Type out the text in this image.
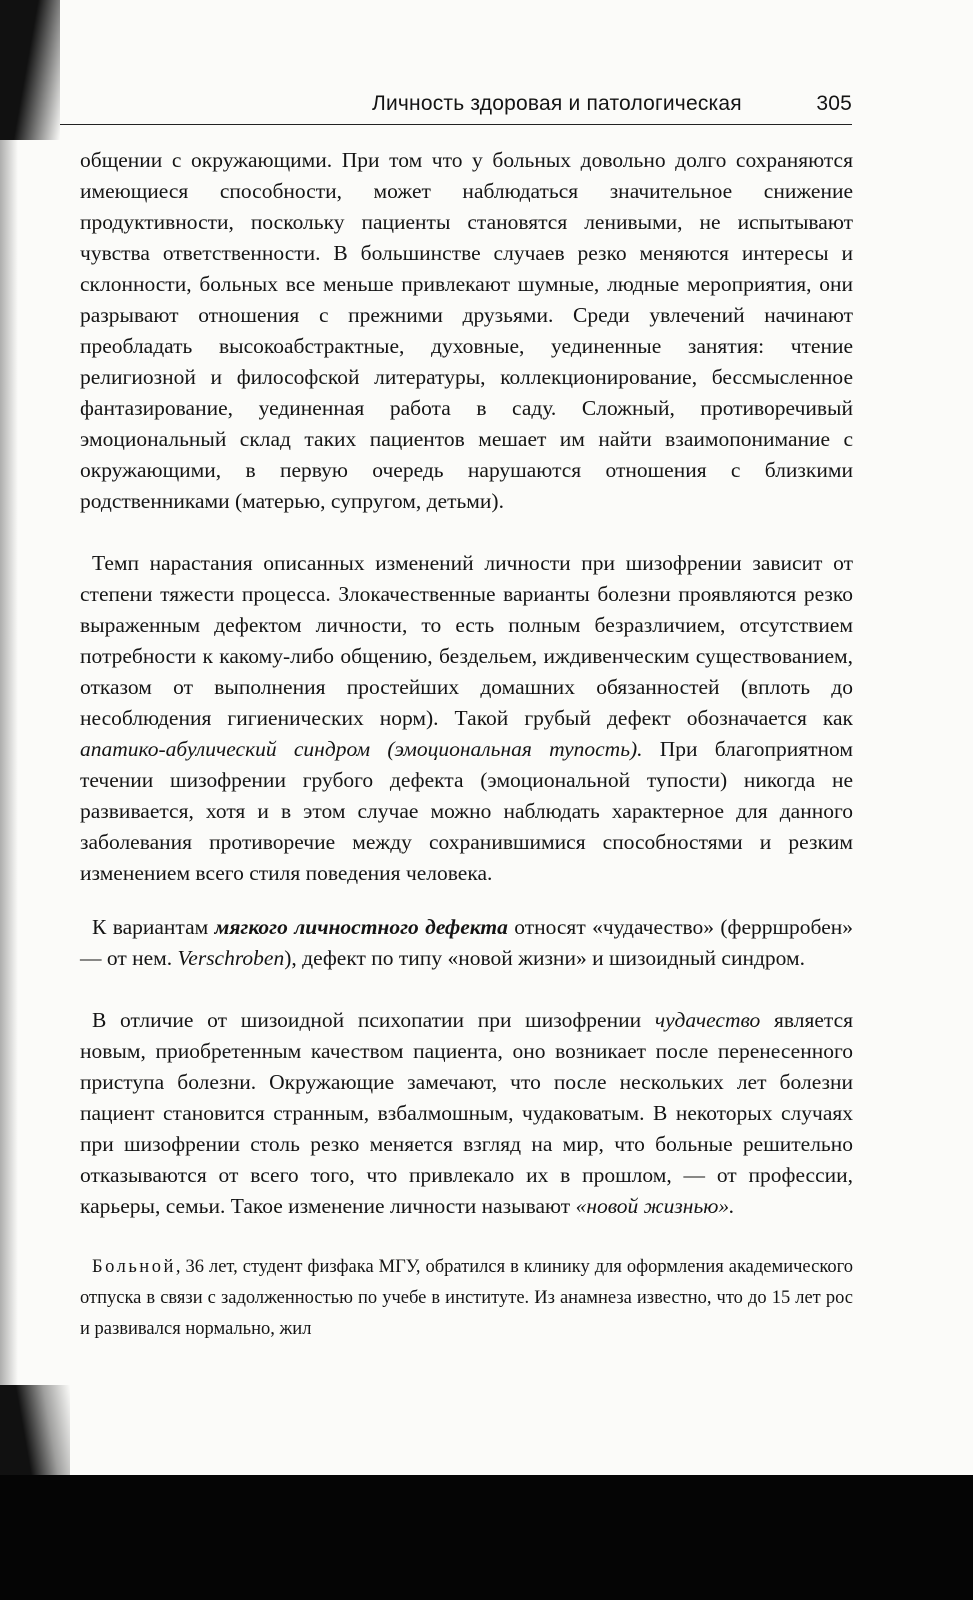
Личность здоровая и патологическая	305

общении с окружающими. При том что у больных довольно долго сохраняются имеющиеся способности, может наблюдаться значительное снижение продуктивности, поскольку пациенты становятся ленивыми, не испытывают чувства ответственности. В большинстве случаев резко меняются интересы и склонности, больных все меньше привлекают шумные, людные мероприятия, они разрывают отношения с прежними друзьями. Среди увлечений начинают преобладать высокоабстрактные, духовные, уединенные занятия: чтение религиозной и философской литературы, коллекционирование, бессмысленное фантазирование, уединенная работа в саду. Сложный, противоречивый эмоциональный склад таких пациентов мешает им найти взаимопонимание с окружающими, в первую очередь нарушаются отношения с близкими родственниками (матерью, супругом, детьми).

Темп нарастания описанных изменений личности при шизофрении зависит от степени тяжести процесса. Злокачественные варианты болезни проявляются резко выраженным дефектом личности, то есть полным безразличием, отсутствием потребности к какому-либо общению, бездельем, иждивенческим существованием, отказом от выполнения простейших домашних обязанностей (вплоть до несоблюдения гигиенических норм). Такой грубый дефект обозначается как апатико-абулический синдром (эмоциональная тупость). При благоприятном течении шизофрении грубого дефекта (эмоциональной тупости) никогда не развивается, хотя и в этом случае можно наблюдать характерное для данного заболевания противоречие между сохранившимися способностями и резким изменением всего стиля поведения человека.

К вариантам мягкого личностного дефекта относят «чудачество» (ферршробен» — от нем. Verschroben), дефект по типу «новой жизни» и шизоидный синдром.

В отличие от шизоидной психопатии при шизофрении чудачество является новым, приобретенным качеством пациента, оно возникает после перенесенного приступа болезни. Окружающие замечают, что после нескольких лет болезни пациент становится странным, взбалмошным, чудаковатым. В некоторых случаях при шизофрении столь резко меняется взгляд на мир, что больные решительно отказываются от всего того, что привлекало их в прошлом, — от профессии, карьеры, семьи. Такое изменение личности называют «новой жизнью».

Больной, 36 лет, студент физфака МГУ, обратился в клинику для оформления академического отпуска в связи с задолженностью по учебе в институте. Из анамнеза известно, что до 15 лет рос и развивался нормально, жил
